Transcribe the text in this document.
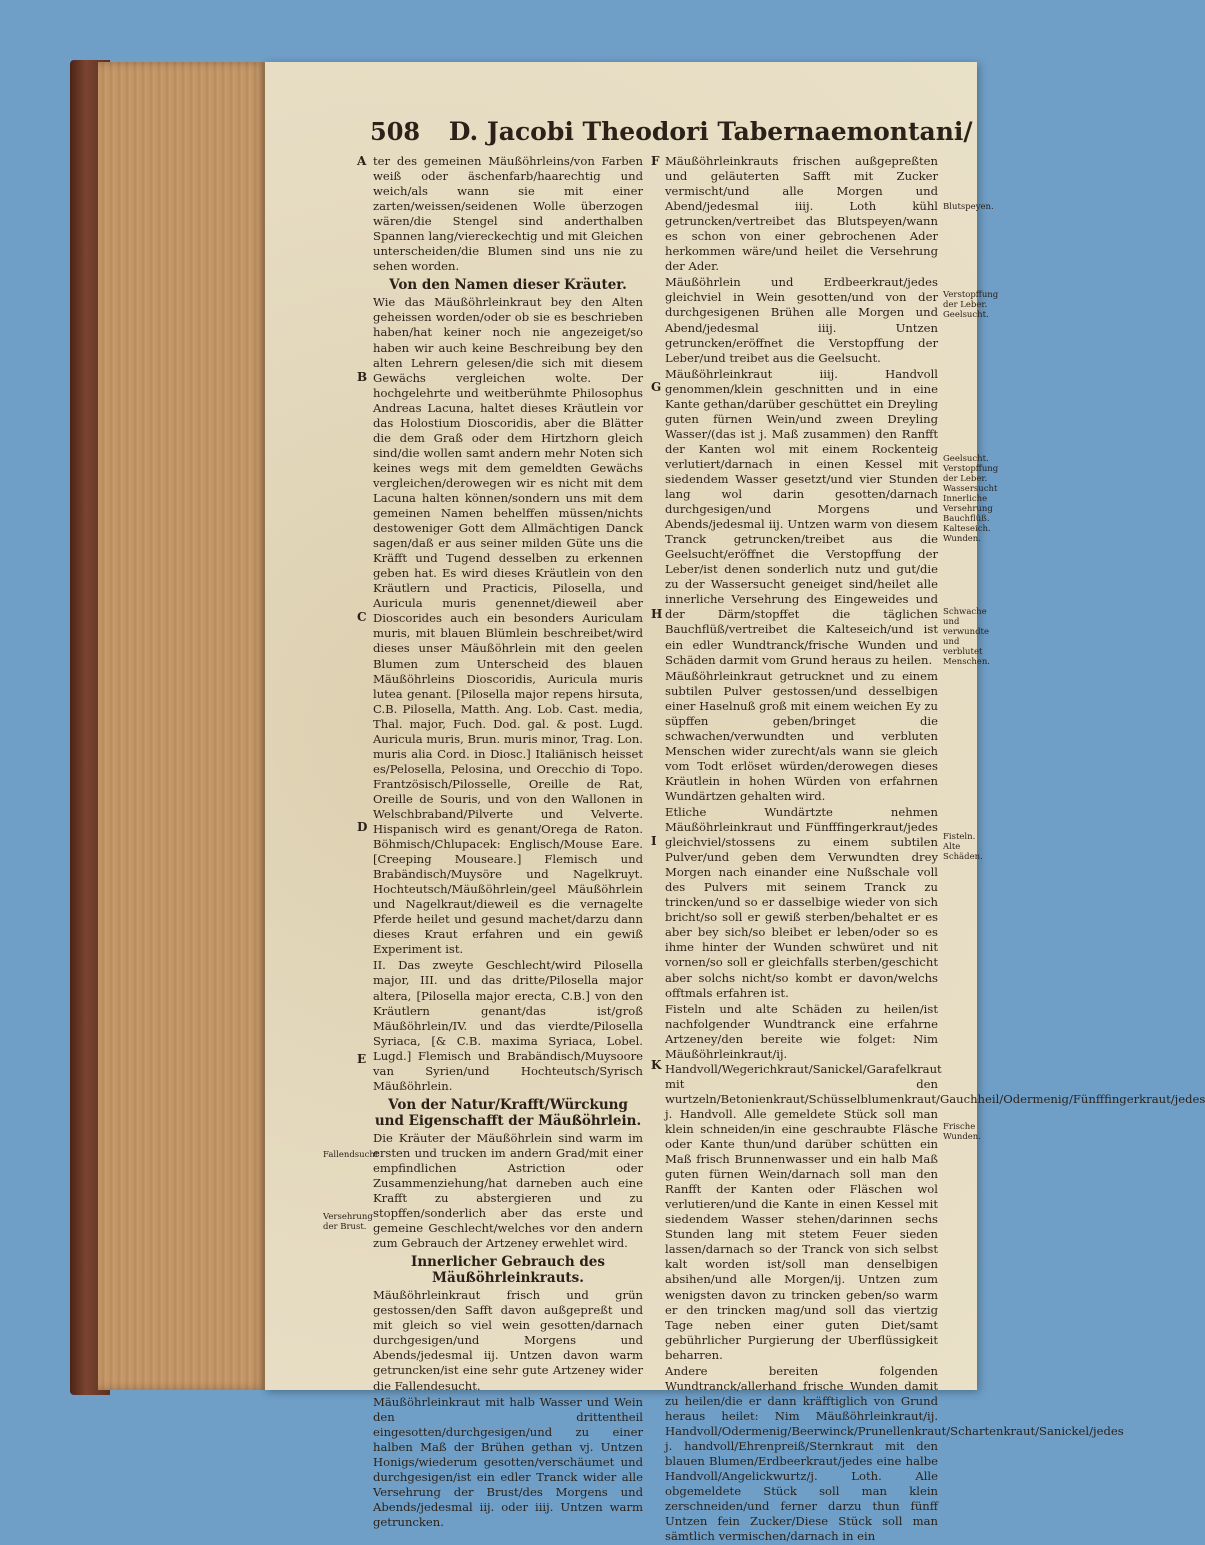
508 D. Jacobi Theodori Tabernaemontani/
A
B
C
D
E
F
G
H
I
K

ter des gemeinen Mäußöhrleins/von Farben weiß oder äschenfarb/haarechtig und weich/als wann sie mit einer zarten/weissen/seidenen Wolle überzogen wären/die Stengel sind anderthalben Spannen lang/viereckechtig und mit Gleichen unterscheiden/die Blumen sind uns nie zu sehen worden.

Von den Namen dieser Kräuter.

Wie das Mäußöhrleinkraut bey den Alten geheissen worden/oder ob sie es beschrieben haben/hat keiner noch nie angezeiget/so haben wir auch keine Beschreibung bey den alten Lehrern gelesen/die sich mit diesem Gewächs vergleichen wolte. Der hochgelehrte und weitberühmte Philosophus Andreas Lacuna, haltet dieses Kräutlein vor das Holostium Dioscoridis, aber die Blätter die dem Graß oder dem Hirtzhorn gleich sind/die wollen samt andern mehr Noten sich keines wegs mit dem gemeldten Gewächs vergleichen/derowegen wir es nicht mit dem Lacuna halten können/sondern uns mit dem gemeinen Namen behelffen müssen/nichts destoweniger Gott dem Allmächtigen Danck sagen/daß er aus seiner milden Güte uns die Kräfft und Tugend desselben zu erkennen geben hat. Es wird dieses Kräutlein von den Kräutlern und Practicis, Pilosella, und Auricula muris genennet/dieweil aber Dioscorides auch ein besonders Auriculam muris, mit blauen Blümlein beschreibet/wird dieses unser Mäußöhrlein mit den geelen Blumen zum Unterscheid des blauen Mäußöhrleins Dioscoridis, Auricula muris lutea genant. [Pilosella major repens hirsuta, C.B. Pilosella, Matth. Ang. Lob. Cast. media, Thal. major, Fuch. Dod. gal. & post. Lugd. Auricula muris, Brun. muris minor, Trag. Lon. muris alia Cord. in Diosc.] Italiänisch heisset es/Pelosella, Pelosina, und Orecchio di Topo. Frantzösisch/Pilosselle, Oreille de Rat, Oreille de Souris, und von den Wallonen in Welschbraband/Pilverte und Velverte. Hispanisch wird es genant/Orega de Raton. Böhmisch/Chlupacek: Englisch/Mouse Eare. [Creeping Mouseare.] Flemisch und Brabändisch/Muysöre und Nagelkruyt. Hochteutsch/Mäußöhrlein/geel Mäußöhrlein und Nagelkraut/dieweil es die vernagelte Pferde heilet und gesund machet/darzu dann dieses Kraut erfahren und ein gewiß Experiment ist.

II. Das zweyte Geschlecht/wird Pilosella major, III. und das dritte/Pilosella major altera, [Pilosella major erecta, C.B.] von den Kräutlern genant/das ist/groß Mäußöhrlein/IV. und das vierdte/Pilosella Syriaca, [& C.B. maxima Syriaca, Lobel. Lugd.] Flemisch und Brabändisch/Muysoore van Syrien/und Hochteutsch/Syrisch Mäußöhrlein.

Von der Natur/Krafft/Würckung und Eigenschafft der Mäußöhrlein.

Die Kräuter der Mäußöhrlein sind warm im ersten und trucken im andern Grad/mit einer empfindlichen Astriction oder Zusammenziehung/hat darneben auch eine Krafft zu abstergieren und zu stopffen/sonderlich aber das erste und gemeine Geschlecht/welches vor den andern zum Gebrauch der Artzeney erwehlet wird.

Innerlicher Gebrauch des Mäußöhrleinkrauts.

Mäußöhrleinkraut frisch und grün gestossen/den Safft davon außgepreßt und mit gleich so viel wein gesotten/darnach durchgesigen/und Morgens und Abends/jedesmal iij. Untzen davon warm getruncken/ist eine sehr gute Artzeney wider die Fallendesucht.

Mäußöhrleinkraut mit halb Wasser und Wein den drittentheil eingesotten/durchgesigen/und zu einer halben Maß der Brühen gethan vj. Untzen Honigs/wiederum gesotten/verschäumet und durchgesigen/ist ein edler Tranck wider alle Versehrung der Brust/des Morgens und Abends/jedesmal iij. oder iiij. Untzen warm getruncken.

Mäußöhrleinkrauts frischen außgepreßten und geläuterten Safft mit Zucker vermischt/und alle Morgen und Abend/jedesmal iiij. Loth kühl getruncken/vertreibet das Blutspeyen/wann es schon von einer gebrochenen Ader herkommen wäre/und heilet die Versehrung der Ader.

Mäußöhrlein und Erdbeerkraut/jedes gleichviel in Wein gesotten/und von der durchgesigenen Brühen alle Morgen und Abend/jedesmal iiij. Untzen getruncken/eröffnet die Verstopffung der Leber/und treibet aus die Geelsucht.

Mäußöhrleinkraut iiij. Handvoll genommen/klein geschnitten und in eine Kante gethan/darüber geschüttet ein Dreyling guten fürnen Wein/und zween Dreyling Wasser/(das ist j. Maß zusammen) den Ranfft der Kanten wol mit einem Rockenteig verlutiert/darnach in einen Kessel mit siedendem Wasser gesetzt/und vier Stunden lang wol darin gesotten/darnach durchgesigen/und Morgens und Abends/jedesmal iij. Untzen warm von diesem Tranck getruncken/treibet aus die Geelsucht/eröffnet die Verstopffung der Leber/ist denen sonderlich nutz und gut/die zu der Wassersucht geneiget sind/heilet alle innerliche Versehrung des Eingeweides und der Därm/stopffet die täglichen Bauchflüß/vertreibet die Kalteseich/und ist ein edler Wundtranck/frische Wunden und Schäden darmit vom Grund heraus zu heilen.

Mäußöhrleinkraut getrucknet und zu einem subtilen Pulver gestossen/und desselbigen einer Haselnuß groß mit einem weichen Ey zu süpffen geben/bringet die schwachen/verwundten und verbluten Menschen wider zurecht/als wann sie gleich vom Todt erlöset würden/derowegen dieses Kräutlein in hohen Würden von erfahrnen Wundärtzen gehalten wird.

Etliche Wundärtzte nehmen Mäußöhrleinkraut und Fünfffingerkraut/jedes gleichviel/stossens zu einem subtilen Pulver/und geben dem Verwundten drey Morgen nach einander eine Nußschale voll des Pulvers mit seinem Tranck zu trincken/und so er dasselbige wieder von sich bricht/so soll er gewiß sterben/behaltet er es aber bey sich/so bleibet er leben/oder so es ihme hinter der Wunden schwüret und nit vornen/so soll er gleichfalls sterben/geschicht aber solchs nicht/so kombt er davon/welchs offtmals erfahren ist.

Fisteln und alte Schäden zu heilen/ist nachfolgender Wundtranck eine erfahrne Artzeney/den bereite wie folget: Nim Mäußöhrleinkraut/ij. Handvoll/Wegerichkraut/Sanickel/Garafelkraut mit den wurtzeln/Betonienkraut/Schüsselblumenkraut/Gauchheil/Odermenig/Fünfffingerkraut/jedes j. Handvoll. Alle gemeldete Stück soll man klein schneiden/in eine geschraubte Fläsche oder Kante thun/und darüber schütten ein Maß frisch Brunnenwasser und ein halb Maß guten fürnen Wein/darnach soll man den Ranfft der Kanten oder Fläschen wol verlutieren/und die Kante in einen Kessel mit siedendem Wasser stehen/darinnen sechs Stunden lang mit stetem Feuer sieden lassen/darnach so der Tranck von sich selbst kalt worden ist/soll man denselbigen absihen/und alle Morgen/ij. Untzen zum wenigsten davon zu trincken geben/so warm er den trincken mag/und soll das viertzig Tage neben einer guten Diet/samt gebührlicher Purgierung der Uberflüssigkeit beharren.

Andere bereiten folgenden Wundtranck/allerhand frische Wunden damit zu heilen/die er dann kräfftiglich von Grund heraus heilet: Nim Mäußöhrleinkraut/ij. Handvoll/Odermenig/Beerwinck/Prunellenkraut/Schartenkraut/Sanickel/jedes j. handvoll/Ehrenpreiß/Sternkraut mit den blauen Blumen/Erdbeerkraut/jedes eine halbe Handvoll/Angelickwurtz/j. Loth. Alle obgemeldete Stück soll man klein zerschneiden/und ferner darzu thun fünff Untzen fein Zucker/Diese Stück soll man sämtlich vermischen/darnach in ein

Blutspeyen.
Verstopffung der Leber. Geelsucht.
Geelsucht. Verstopffung der Leber. Wassersucht Innerliche Versehrung Bauchflüß. Kalteseich. Wunden.
Schwache und verwundte und verblutet Menschen.
Fisteln. Alte Schäden.
Frische Wunden.
Fallendsucht
Versehrung der Brust.
